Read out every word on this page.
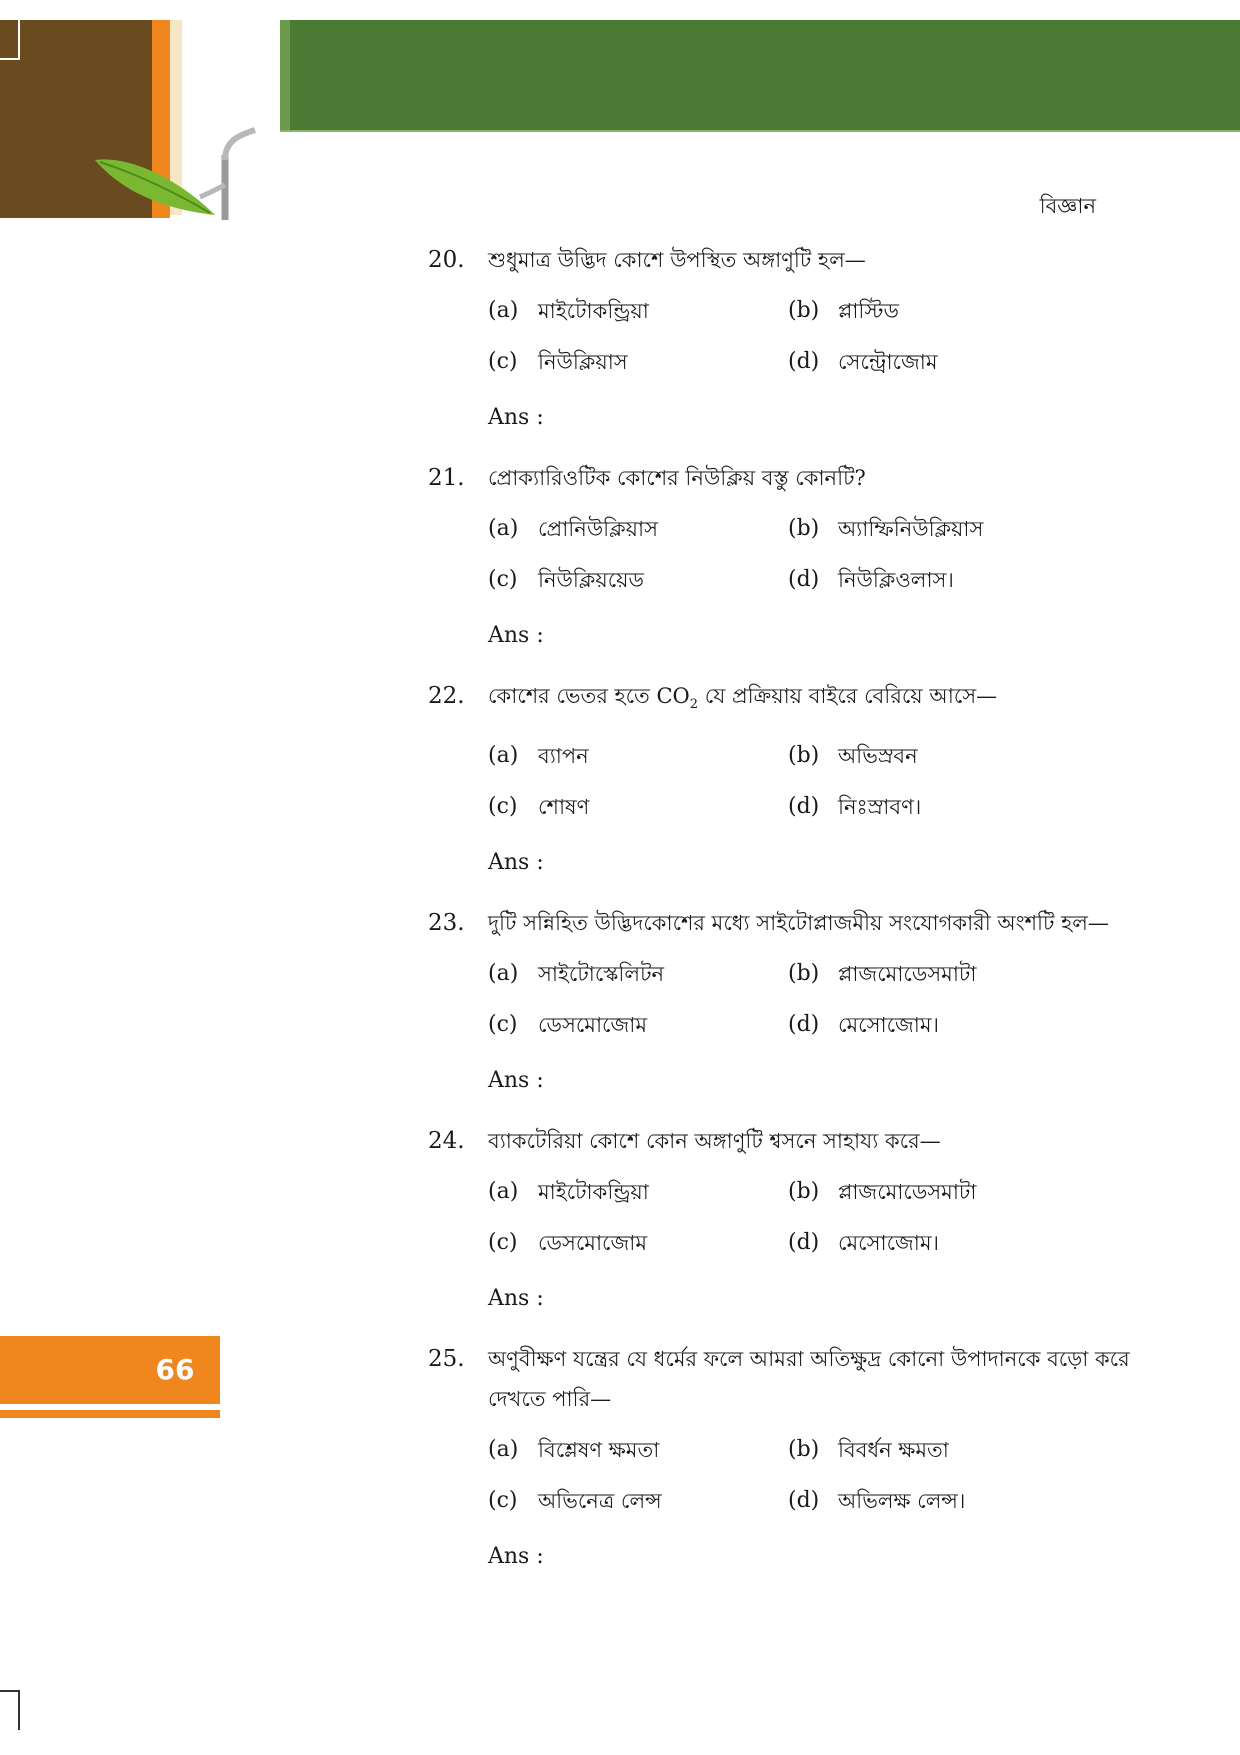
বিজ্ঞান
20.	শুধুমাত্র উদ্ভিদ কোশে উপস্থিত অঙ্গাণুটি হল—
(a) মাইটোকন্ড্রিয়া	(b) প্লাস্টিড
(c) নিউক্লিয়াস	(d) সেন্ট্রোজোম
Ans :
21.	প্রোক্যারিওটিক কোশের নিউক্লিয় বস্তু কোনটি?
(a) প্রোনিউক্লিয়াস	(b) অ্যাম্ফিনিউক্লিয়াস
(c) নিউক্লিয়য়েড	(d) নিউক্লিওলাস।
Ans :
22.	কোশের ভেতর হতে $CO_2$ যে প্রক্রিয়ায় বাইরে বেরিয়ে আসে—
(a) ব্যাপন	(b) অভিস্রবন
(c) শোষণ	(d) নিঃস্রাবণ।
Ans :
23.	দুটি সন্নিহিত উদ্ভিদকোশের মধ্যে সাইটোপ্লাজমীয় সংযোগকারী অংশটি হল—
(a) সাইটোস্কেলিটন	(b) প্লাজমোডেসমাটা
(c) ডেসমোজোম	(d) মেসোজোম।
Ans :
24.	ব্যাকটেরিয়া কোশে কোন অঙ্গাণুটি শ্বসনে সাহায্য করে—
(a) মাইটোকন্ড্রিয়া	(b) প্লাজমোডেসমাটা
(c) ডেসমোজোম	(d) মেসোজোম।
Ans :
25.	অণুবীক্ষণ যন্ত্রের যে ধর্মের ফলে আমরা অতিক্ষুদ্র কোনো উপাদানকে বড়ো করে দেখতে পারি—
(a) বিশ্লেষণ ক্ষমতা	(b) বিবর্ধন ক্ষমতা
(c) অভিনেত্র লেন্স	(d) অভিলক্ষ লেন্স।
Ans :
66
